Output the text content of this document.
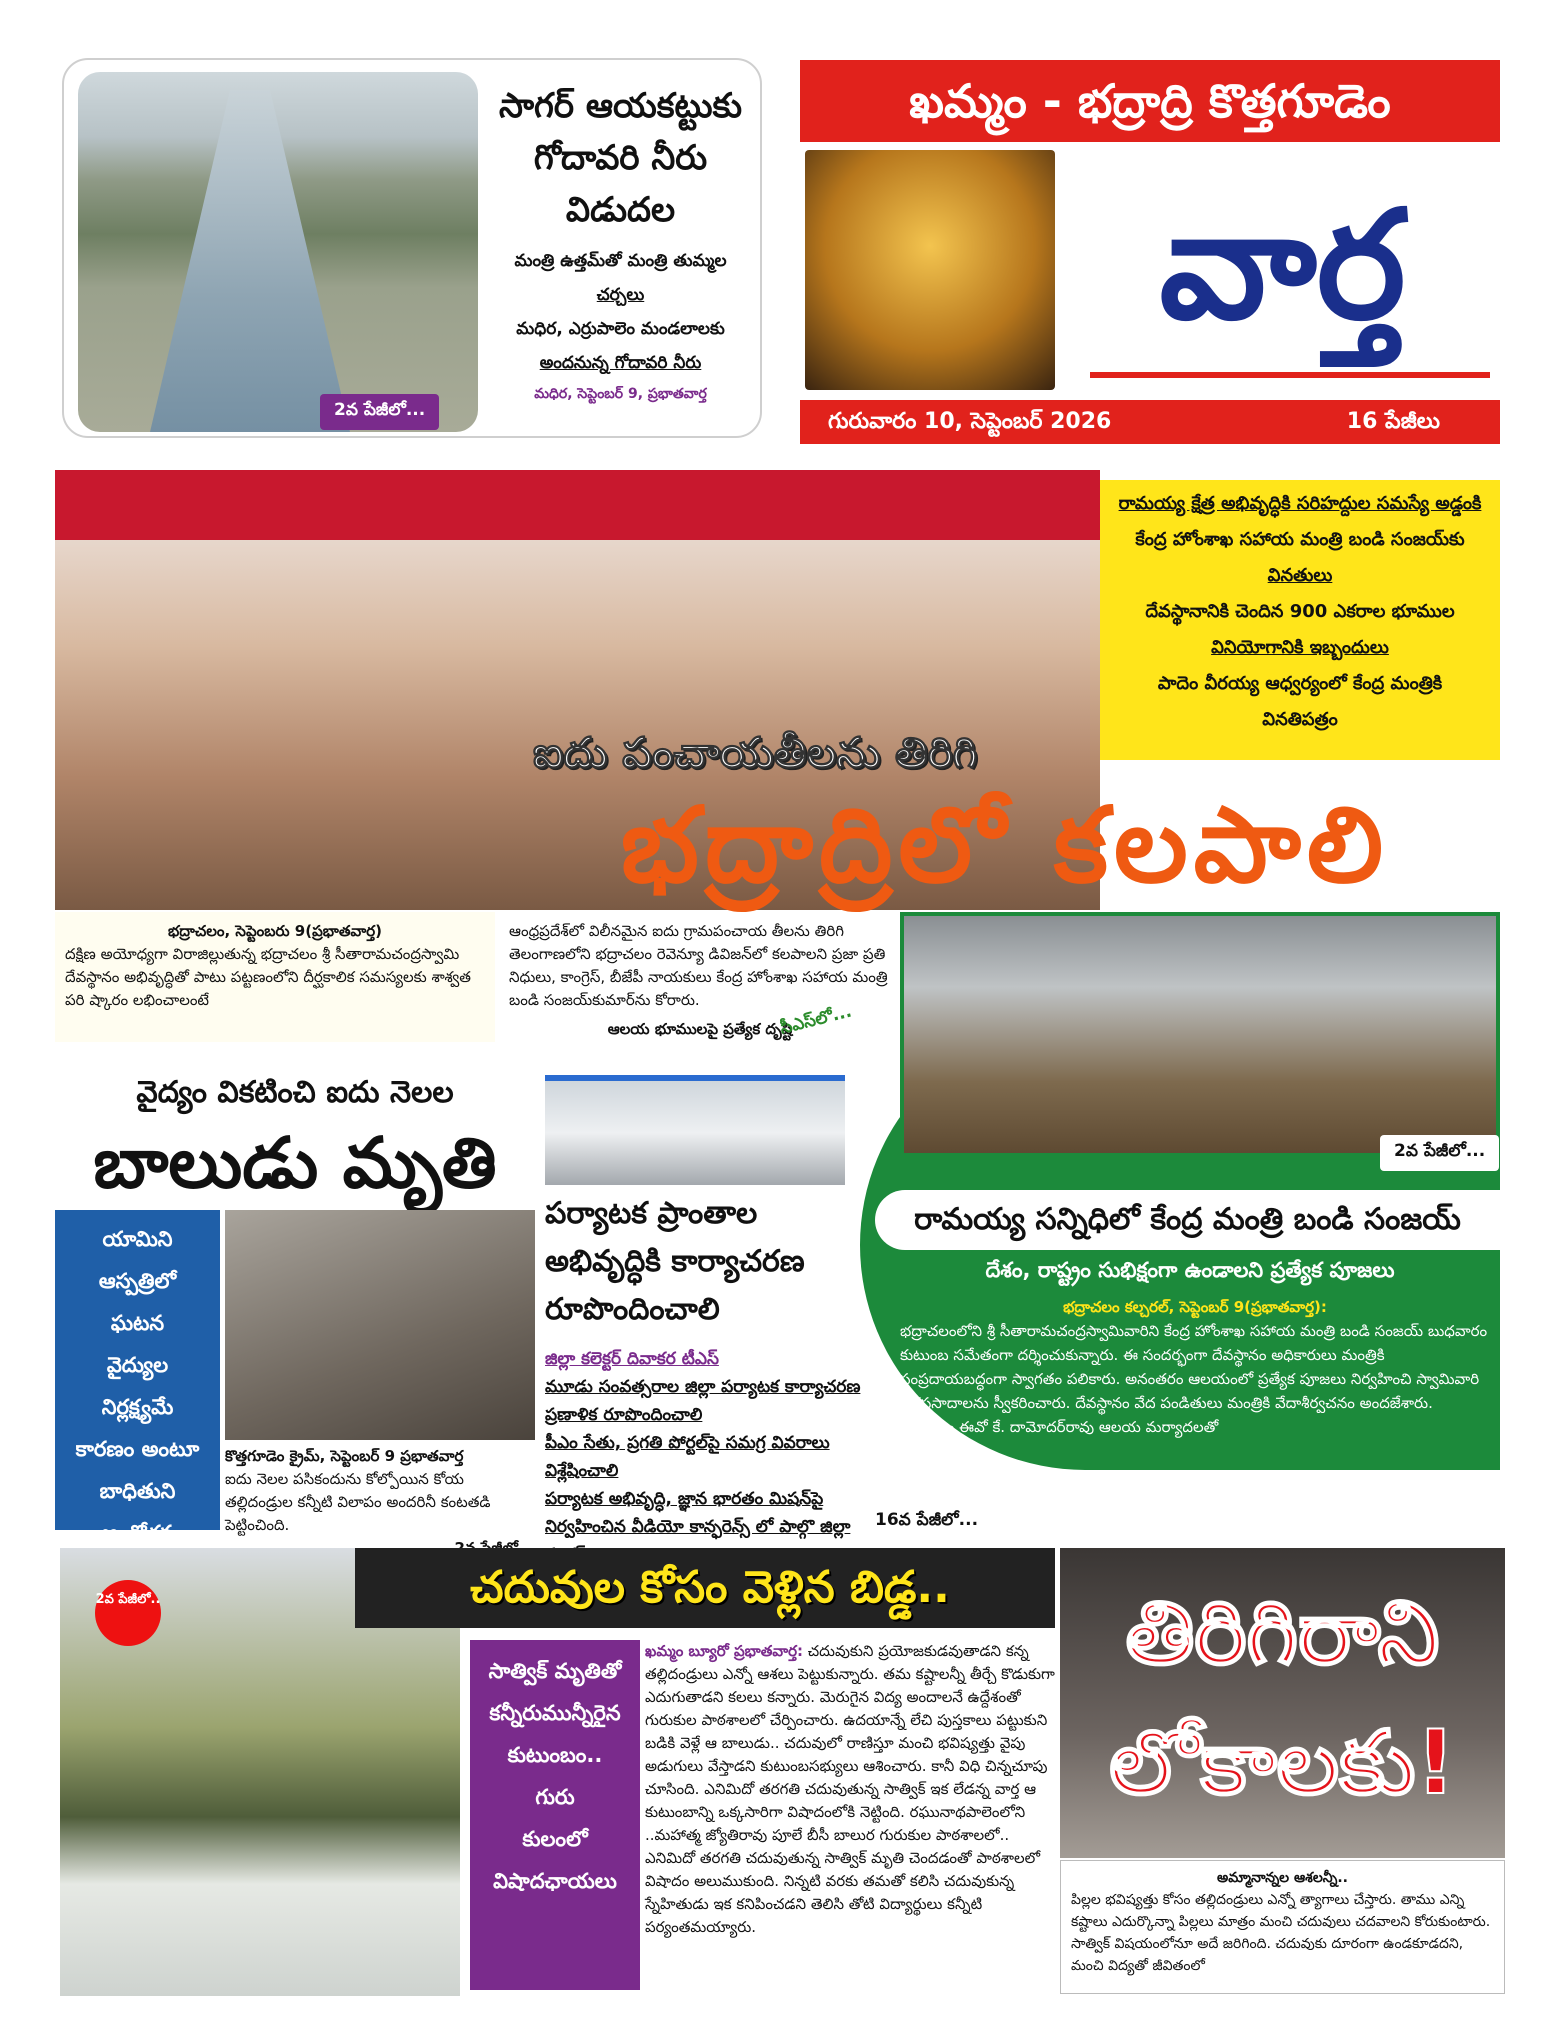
2వ పేజీలో...
సాగర్ ఆయకట్టుకు గోదావరి నీరు విడుదల
మంత్రి ఉత్తమ్‌తో మంత్రి తుమ్మల
చర్చలు
మధిర, ఎర్రుపాలెం మండలాలకు
అందనున్న గోదావరి నీరు
మధిర, సెప్టెంబర్ 9, ప్రభాతవార్త
ఖమ్మం - భద్రాద్రి కొత్తగూడెం
వార్త
గురువారం 10, సెప్టెంబర్ 2026	16 పేజీలు
రామయ్య క్షేత్ర అభివృద్ధికి సరిహద్దుల సమస్యే అడ్డంకి
కేంద్ర హోంశాఖ సహాయ మంత్రి బండి సంజయ్‌కు
వినతులు
దేవస్థానానికి చెందిన 900 ఎకరాల భూముల
వినియోగానికి ఇబ్బందులు
పాదెం వీరయ్య ఆధ్వర్యంలో కేంద్ర మంత్రికి
వినతిపత్రం
ఐదు పంచాయతీలను తిరిగి
భద్రాద్రిలో కలపాలి
భద్రాచలం, సెప్టెంబరు 9(ప్రభాతవార్త)
దక్షిణ అయోధ్యగా విరాజిల్లుతున్న భద్రాచలం శ్రీ సీతారామచంద్రస్వామి దేవస్థానం అభివృద్ధితో పాటు పట్టణంలోని దీర్ఘకాలిక సమస్యలకు శాశ్వత పరి ష్కారం లభించాలంటే
ఆంధ్రప్రదేశ్‌లో విలీనమైన ఐదు గ్రామపంచాయ తీలను తిరిగి తెలంగాణలోని భద్రాచలం రెవెన్యూ డివిజన్‌లో కలపాలని ప్రజా ప్రతి నిధులు, కాంగ్రెస్, బీజేపీ నాయకులు కేంద్ర హోంశాఖ సహాయ మంత్రి బండి సంజయ్‌కుమార్‌ను కోరారు.
ఆలయ భూములపై ప్రత్యేక దృష్టి
సీఎస్‌లో...
2వ పేజీలో...
రామయ్య సన్నిధిలో కేంద్ర మంత్రి బండి సంజయ్
దేశం, రాష్ట్రం సుభిక్షంగా ఉండాలని ప్రత్యేక పూజలు
భద్రాచలం కల్చరల్, సెప్టెంబర్ 9(ప్రభాతవార్త):
భద్రాచలంలోని శ్రీ సీతారామచంద్రస్వామివారిని కేంద్ర హోంశాఖ సహాయ మంత్రి బండి సంజయ్ బుధవారం కుటుంబ సమేతంగా దర్శించుకున్నారు. ఈ సందర్భంగా దేవస్థానం అధికారులు మంత్రికి సంప్రదాయబద్ధంగా స్వాగతం పలికారు. అనంతరం ఆలయంలో ప్రత్యేక పూజలు నిర్వహించి స్వామివారి తీర్థప్రసాదాలను స్వీకరించారు. దేవస్థానం వేద పండితులు మంత్రికి వేదాశీర్వచనం అందజేశారు. దేవస్థానం ఈవో కే. దామోదర్‌రావు ఆలయ మర్యాదలతో
వైద్యం వికటించి ఐదు నెలల
బాలుడు మృతి
యామిని
ఆస్పత్రిలో
ఘటన
వైద్యుల
నిర్లక్ష్యమే
కారణం అంటూ
బాధితుని
ఆందోళన
కొత్తగూడెం క్రైమ్, సెప్టెంబర్ 9 ప్రభాతవార్త
ఐదు నెలల పసికందును కోల్పోయిన కోయ తల్లిదండ్రుల కన్నీటి విలాపం అందరినీ కంటతడి పెట్టించింది.
పర్యాటక ప్రాంతాల అభివృద్ధికి కార్యాచరణ రూపొందించాలి
జిల్లా కలెక్టర్ దివాకర టీఎస్
మూడు సంవత్సరాల జిల్లా పర్యాటక కార్యాచరణ ప్రణాళిక రూపొందించాలి
పీఎం సేతు, ప్రగతి పోర్టల్‌పై సమగ్ర వివరాలు విశ్లేషించాలి
పర్యాటక అభివృద్ధి, జ్ఞాన భారతం మిషన్‌పై నిర్వహించిన వీడియో కాన్ఫరెన్స్ లో పాల్గొ జిల్లా	16వ పేజీలో...
2వ పేజీలో..	చదువుల కోసం వెళ్లిన బిడ్డ..	తిరిగిరాని లోకాలకు!
సాత్విక్ మృతితో
కన్నీరుమున్నీరైన
కుటుంబం..
గురు
కులంలో
విషాదఛాయలు
ఖమ్మం బ్యూరో ప్రభాతవార్త: చదువుకుని ప్రయోజకుడవుతాడని కన్న తల్లిదండ్రులు ఎన్నో ఆశలు పెట్టుకున్నారు. తమ కష్టాలన్నీ తీర్చే కొడుకుగా ఎదుగుతాడని కలలు కన్నారు. మెరుగైన విద్య అందాలనే ఉద్దేశంతో గురుకుల పాఠశాలలో చేర్పించారు. ఉదయాన్నే లేచి పుస్తకాలు పట్టుకుని బడికి వెళ్లే ఆ బాలుడు.. చదువులో రాణిస్తూ మంచి భవిష్యత్తు వైపు అడుగులు వేస్తాడని కుటుంబసభ్యులు ఆశించారు. కానీ విధి చిన్నచూపు చూసింది. ఎనిమిదో తరగతి చదువుతున్న సాత్విక్ ఇక లేడన్న వార్త ఆ కుటుంబాన్ని ఒక్కసారిగా విషాదంలోకి నెట్టింది. రఘునాథపాలెంలోని ..మహాత్మ జ్యోతిరావు పూలే బీసీ బాలుర గురుకుల పాఠశాలలో.. ఎనిమిదో తరగతి చదువుతున్న సాత్విక్ మృతి చెందడంతో పాఠశాలలో విషాదం అలుముకుంది. నిన్నటి వరకు తమతో కలిసి చదువుకున్న స్నేహితుడు ఇక కనిపించడని తెలిసి తోటి విద్యార్థులు కన్నీటి పర్యంతమయ్యారు.
అమ్మానాన్నల ఆశలన్నీ..
పిల్లల భవిష్యత్తు కోసం తల్లిదండ్రులు ఎన్నో త్యాగాలు చేస్తారు. తాము ఎన్ని కష్టాలు ఎదుర్కొన్నా పిల్లలు మాత్రం మంచి చదువులు చదవాలని కోరుకుంటారు. సాత్విక్ విషయంలోనూ అదే జరిగింది. చదువుకు దూరంగా ఉండకూడదని, మంచి విద్యతో జీవితంలో
